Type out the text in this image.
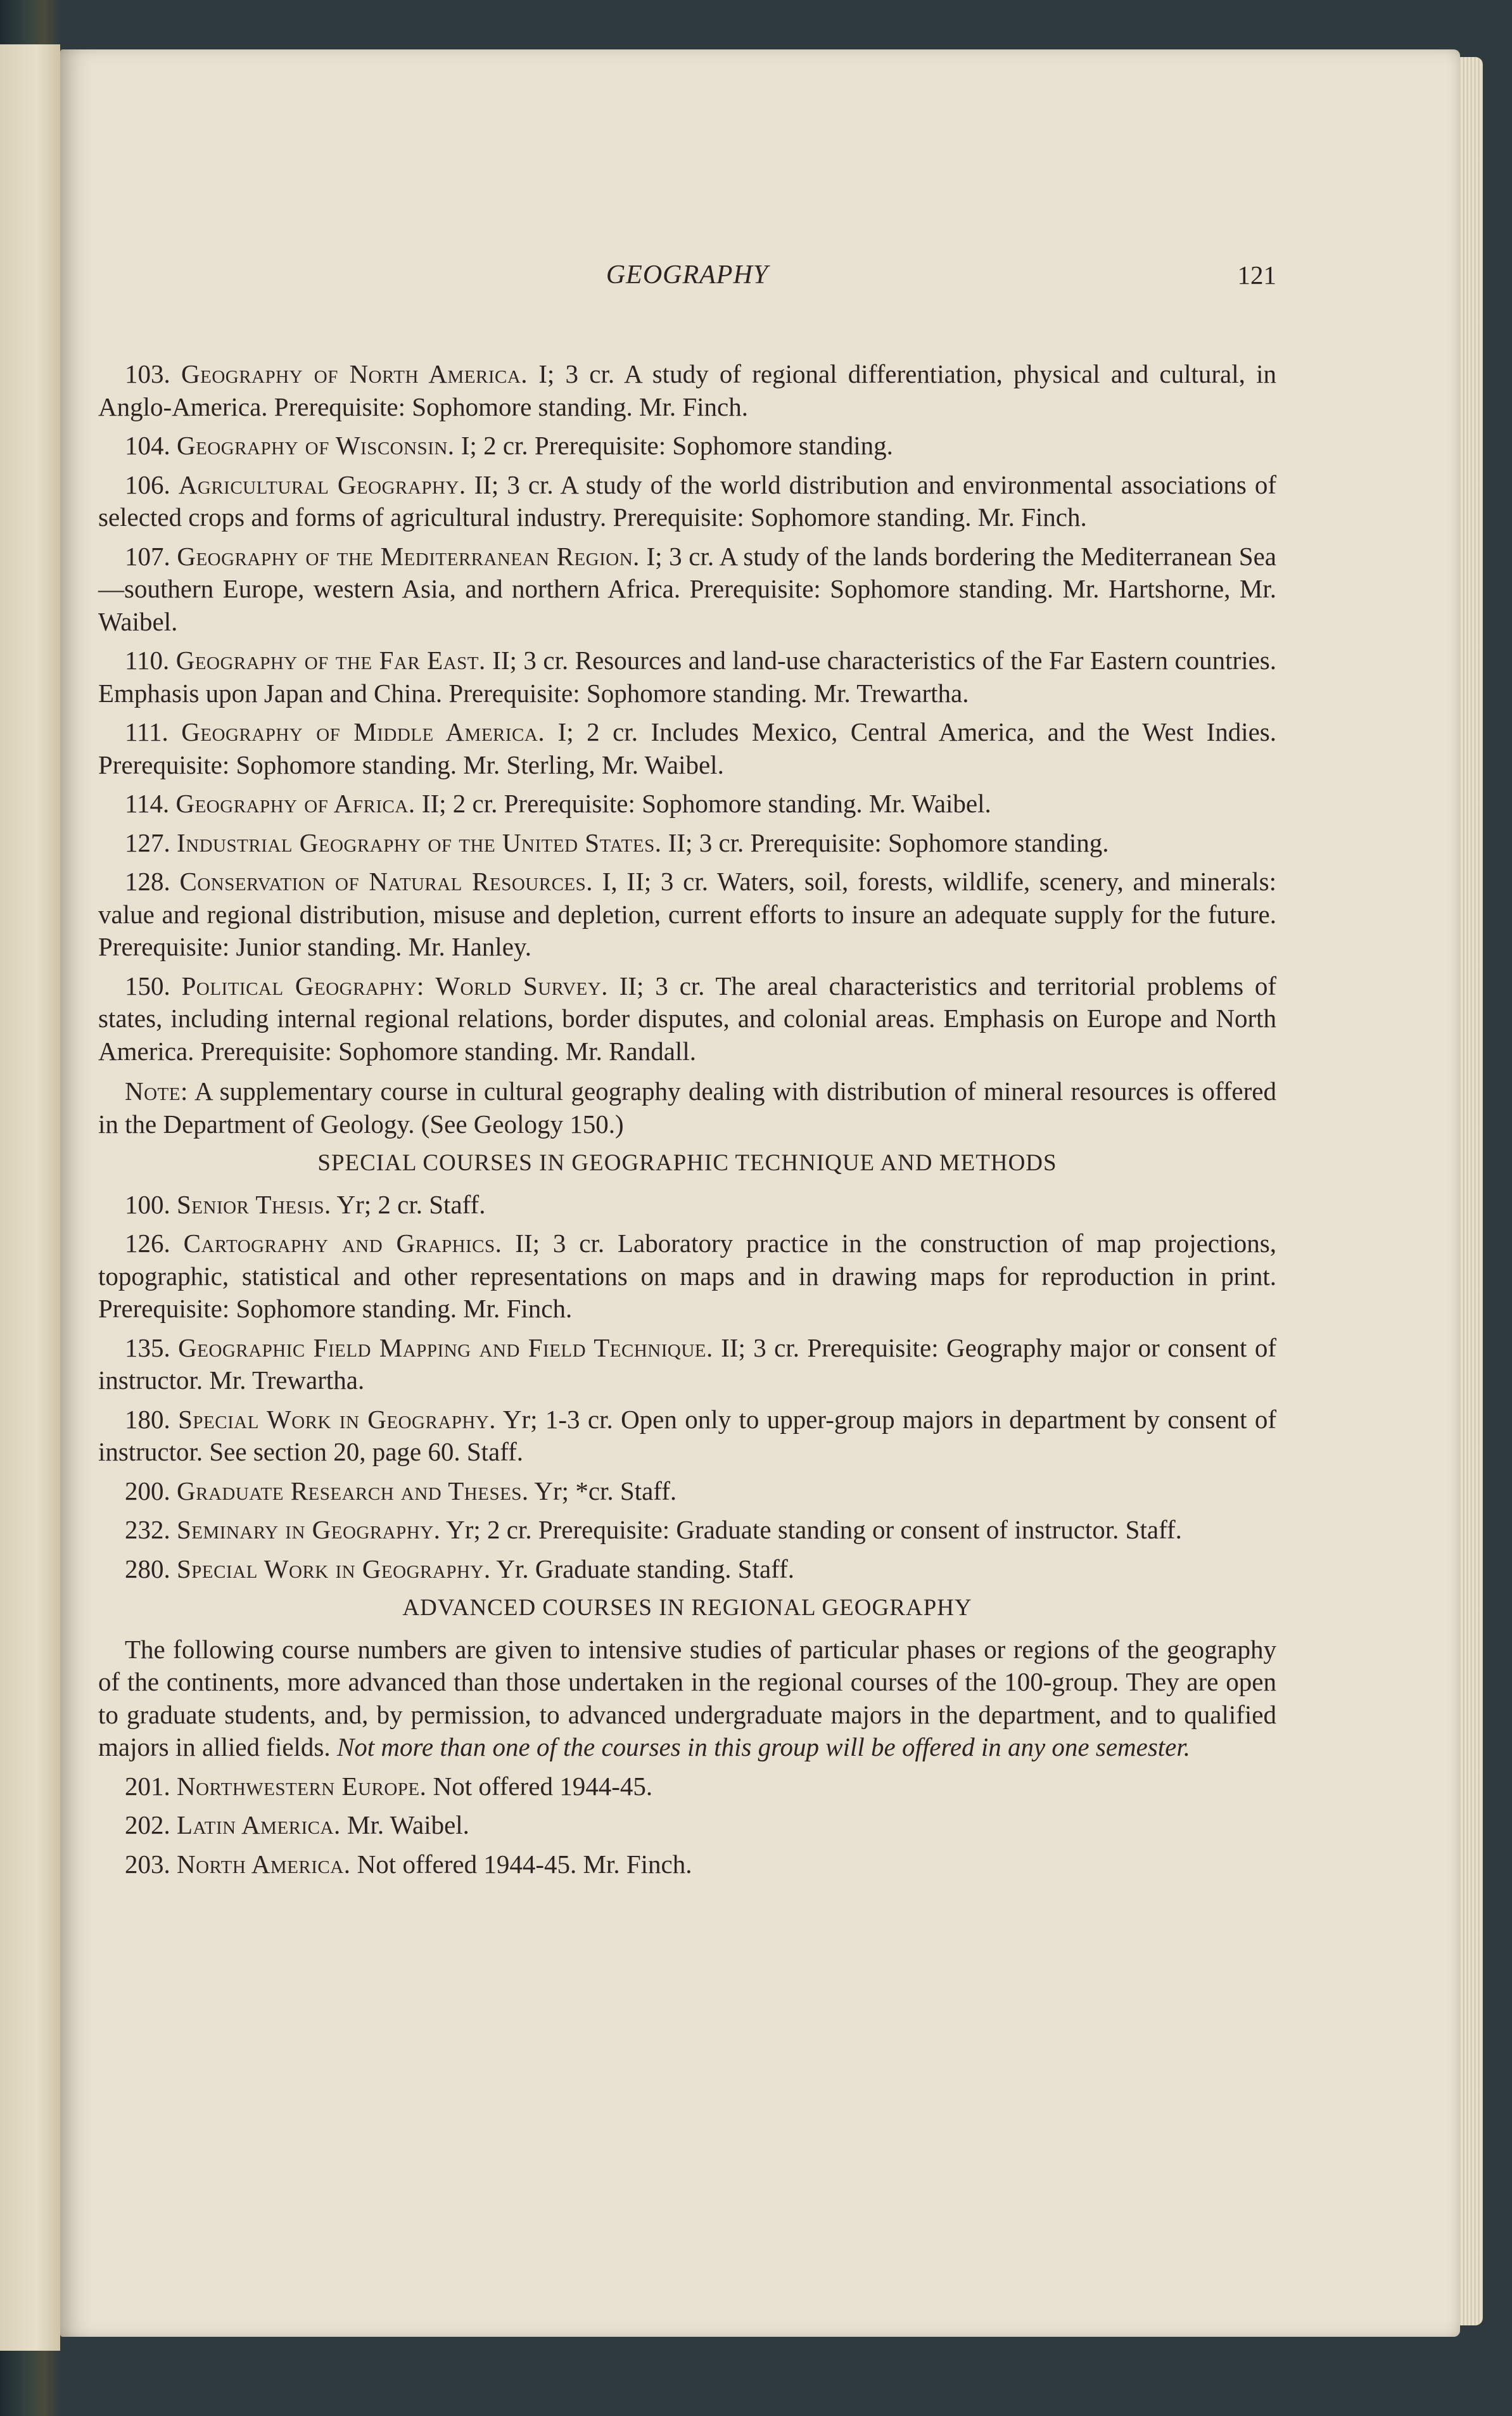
GEOGRAPHY	121

103. Geography of North America. I; 3 cr. A study of regional differentiation, physical and cultural, in Anglo-America. Prerequisite: Sophomore standing. Mr. Finch.

104. Geography of Wisconsin. I; 2 cr. Prerequisite: Sophomore standing.

106. Agricultural Geography. II; 3 cr. A study of the world distribution and environmental associations of selected crops and forms of agricultural industry. Prerequisite: Sophomore standing. Mr. Finch.

107. Geography of the Mediterranean Region. I; 3 cr. A study of the lands bordering the Mediterranean Sea—southern Europe, western Asia, and northern Africa. Prerequisite: Sophomore standing. Mr. Hartshorne, Mr. Waibel.

110. Geography of the Far East. II; 3 cr. Resources and land-use characteristics of the Far Eastern countries. Emphasis upon Japan and China. Prerequisite: Sophomore standing. Mr. Trewartha.

111. Geography of Middle America. I; 2 cr. Includes Mexico, Central America, and the West Indies. Prerequisite: Sophomore standing. Mr. Sterling, Mr. Waibel.

114. Geography of Africa. II; 2 cr. Prerequisite: Sophomore standing. Mr. Waibel.

127. Industrial Geography of the United States. II; 3 cr. Prerequisite: Sophomore standing.

128. Conservation of Natural Resources. I, II; 3 cr. Waters, soil, forests, wildlife, scenery, and minerals: value and regional distribution, misuse and depletion, current efforts to insure an adequate supply for the future. Prerequisite: Junior standing. Mr. Hanley.

150. Political Geography: World Survey. II; 3 cr. The areal characteristics and territorial problems of states, including internal regional relations, border disputes, and colonial areas. Emphasis on Europe and North America. Prerequisite: Sophomore standing. Mr. Randall.

Note: A supplementary course in cultural geography dealing with distribution of mineral resources is offered in the Department of Geology. (See Geology 150.)

SPECIAL COURSES IN GEOGRAPHIC TECHNIQUE AND METHODS

100. Senior Thesis. Yr; 2 cr. Staff.

126. Cartography and Graphics. II; 3 cr. Laboratory practice in the construction of map projections, topographic, statistical and other representations on maps and in drawing maps for reproduction in print. Prerequisite: Sophomore standing. Mr. Finch.

135. Geographic Field Mapping and Field Technique. II; 3 cr. Prerequisite: Geography major or consent of instructor. Mr. Trewartha.

180. Special Work in Geography. Yr; 1-3 cr. Open only to upper-group majors in department by consent of instructor. See section 20, page 60. Staff.

200. Graduate Research and Theses. Yr; *cr. Staff.

232. Seminary in Geography. Yr; 2 cr. Prerequisite: Graduate standing or consent of instructor. Staff.

280. Special Work in Geography. Yr. Graduate standing. Staff.

ADVANCED COURSES IN REGIONAL GEOGRAPHY

The following course numbers are given to intensive studies of particular phases or regions of the geography of the continents, more advanced than those undertaken in the regional courses of the 100-group. They are open to graduate students, and, by permission, to advanced undergraduate majors in the department, and to qualified majors in allied fields. Not more than one of the courses in this group will be offered in any one semester.

201. Northwestern Europe. Not offered 1944-45.

202. Latin America. Mr. Waibel.

203. North America. Not offered 1944-45. Mr. Finch.
